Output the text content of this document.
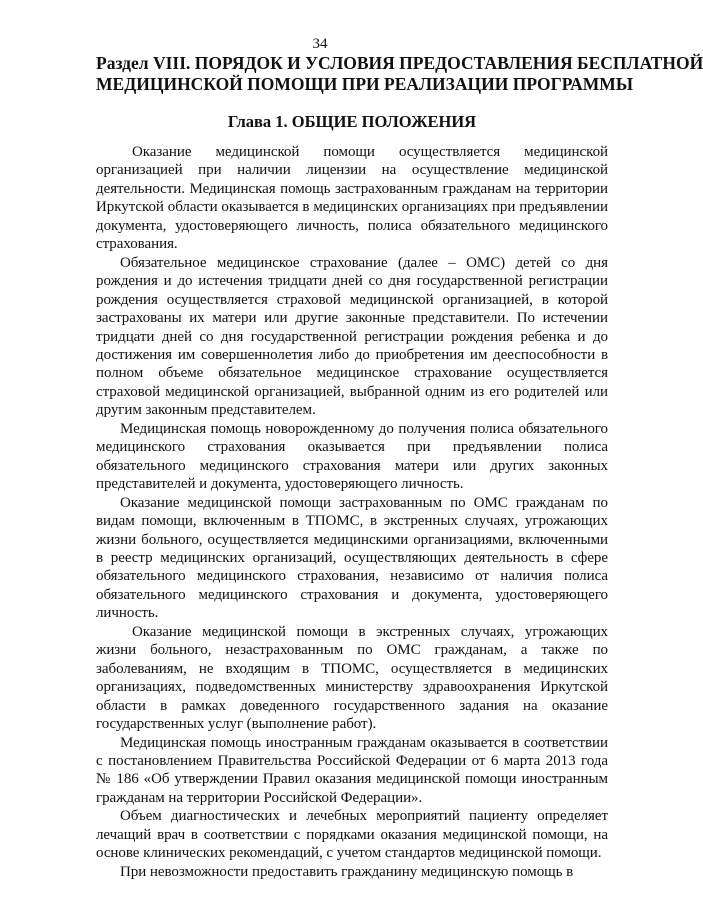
34
Раздел VIII. ПОРЯДОК И УСЛОВИЯ ПРЕДОСТАВЛЕНИЯ БЕСПЛАТНОЙ
МЕДИЦИНСКОЙ ПОМОЩИ ПРИ РЕАЛИЗАЦИИ ПРОГРАММЫ
Глава 1. ОБЩИЕ ПОЛОЖЕНИЯ

Оказание медицинской помощи осуществляется медицинской организацией при наличии лицензии на осуществление медицинской деятельности. Медицинская помощь застрахованным гражданам на территории Иркутской области оказывается в медицинских организациях при предъявлении документа, удостоверяющего личность, полиса обязательного медицинского страхования.

Обязательное медицинское страхование (далее – ОМС) детей со дня рождения и до истечения тридцати дней со дня государственной регистрации рождения осуществляется страховой медицинской организацией, в которой застрахованы их матери или другие законные представители. По истечении тридцати дней со дня государственной регистрации рождения ребенка и до достижения им совершеннолетия либо до приобретения им дееспособности в полном объеме обязательное медицинское страхование осуществляется страховой медицинской организацией, выбранной одним из его родителей или другим законным представителем.

Медицинская помощь новорожденному до получения полиса обязательного медицинского страхования оказывается при предъявлении полиса обязательного медицинского страхования матери или других законных представителей и документа, удостоверяющего личность.

Оказание медицинской помощи застрахованным по ОМС гражданам по видам помощи, включенным в ТПОМС, в экстренных случаях, угрожающих жизни больного, осуществляется медицинскими организациями, включенными в реестр медицинских организаций, осуществляющих деятельность в сфере обязательного медицинского страхования, независимо от наличия полиса обязательного медицинского страхования и документа, удостоверяющего личность.

Оказание медицинской помощи в экстренных случаях, угрожающих жизни больного, незастрахованным по ОМС гражданам, а также по заболеваниям, не входящим в ТПОМС, осуществляется в медицинских организациях, подведомственных министерству здравоохранения Иркутской области в рамках доведенного государственного задания на оказание государственных услуг (выполнение работ).

Медицинская помощь иностранным гражданам оказывается в соответствии с постановлением Правительства Российской Федерации от 6 марта 2013 года № 186 «Об утверждении Правил оказания медицинской помощи иностранным гражданам на территории Российской Федерации».

Объем диагностических и лечебных мероприятий пациенту определяет лечащий врач в соответствии с порядками оказания медицинской помощи, на основе клинических рекомендаций, с учетом стандартов медицинской помощи.

При невозможности предоставить гражданину медицинскую помощь в
